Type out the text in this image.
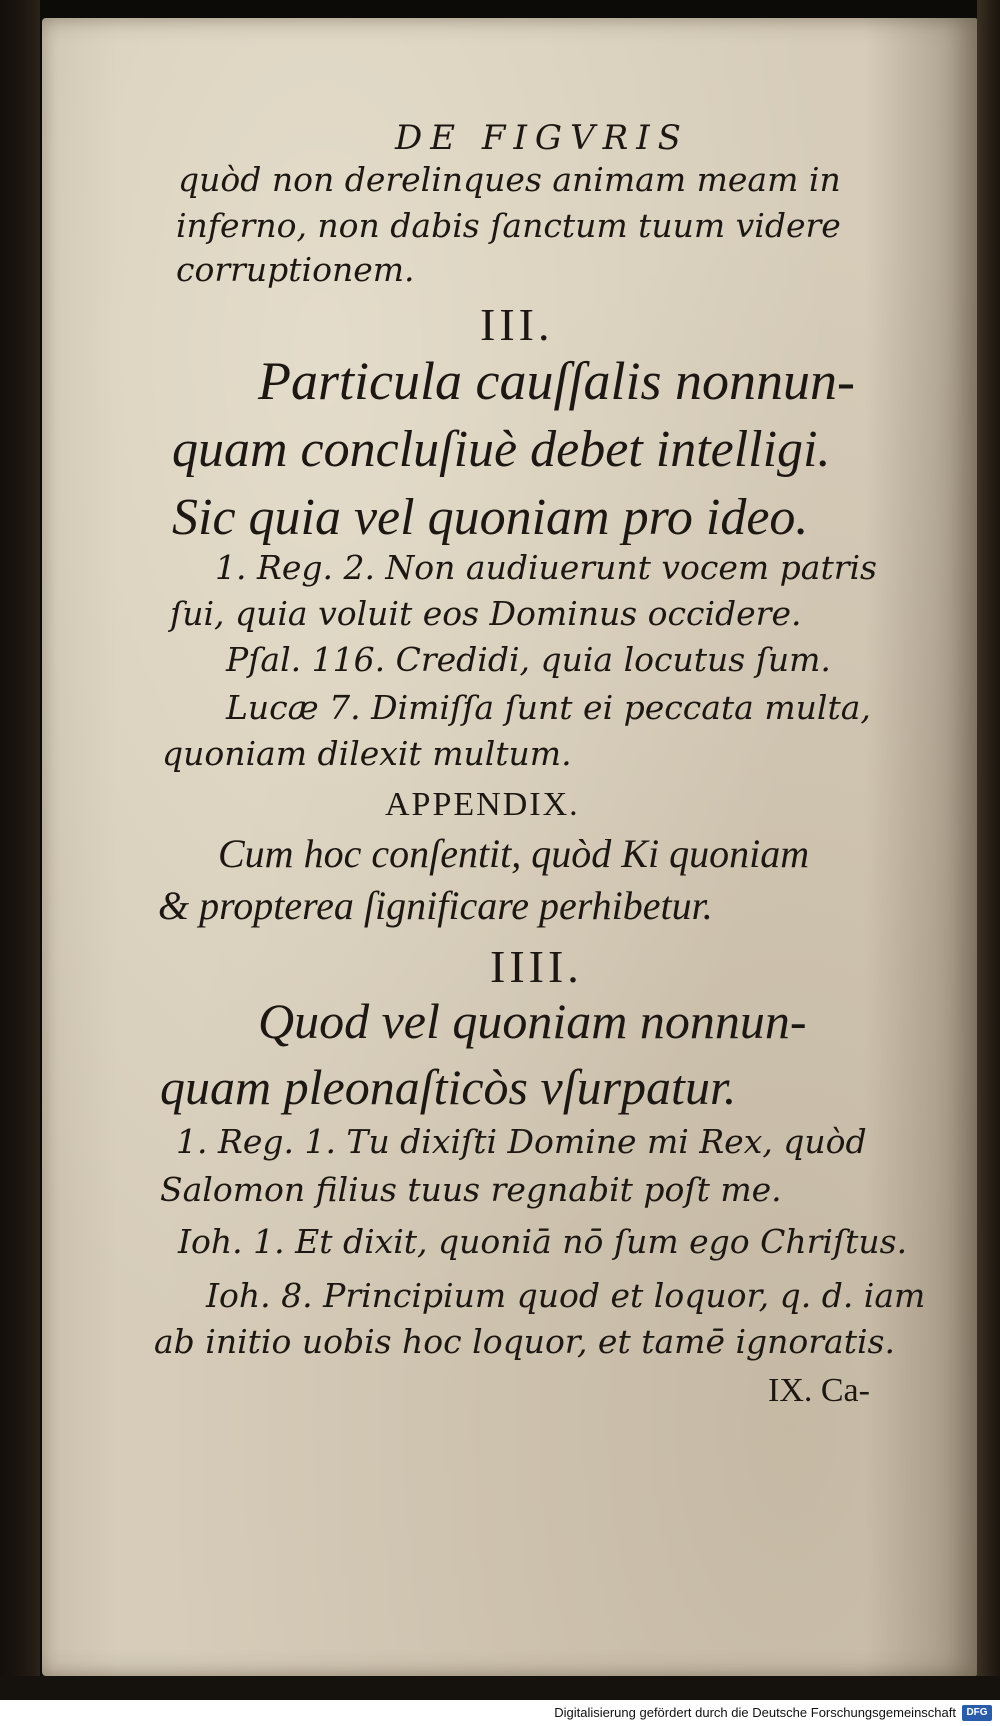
DE FIGVRIS
quòd non derelinques animam meam in
inferno, non dabis ſanctum tuum videre
corruptionem.
III.
Particula cauſſalis nonnun-
quam concluſiuè debet intelligi.
Sic quia vel quoniam pro ideo.
1. Reg. 2. Non audiuerunt vocem patris
ſui, quia voluit eos Dominus occidere.
Pſal. 116. Credidi, quia locutus ſum.
Lucæ 7. Dimiſſa ſunt ei peccata multa,
quoniam dilexit multum.
APPENDIX.
Cum hoc conſentit, quòd Ki quoniam
& propterea ſignificare perhibetur.
IIII.
Quod vel quoniam nonnun-
quam pleonaſticòs vſurpatur.
1. Reg. 1. Tu dixiſti Domine mi Rex, quòd
Salomon filius tuus regnabit poſt me.
Ioh. 1. Et dixit, quoniā nō ſum ego Chriſtus.
Ioh. 8. Principium quod et loquor, q. d. iam
ab initio uobis hoc loquor, et tamē ignoratis.
IX. Ca-
Digitalisierung gefördert durch die Deutsche Forschungsgemeinschaft	DFG
